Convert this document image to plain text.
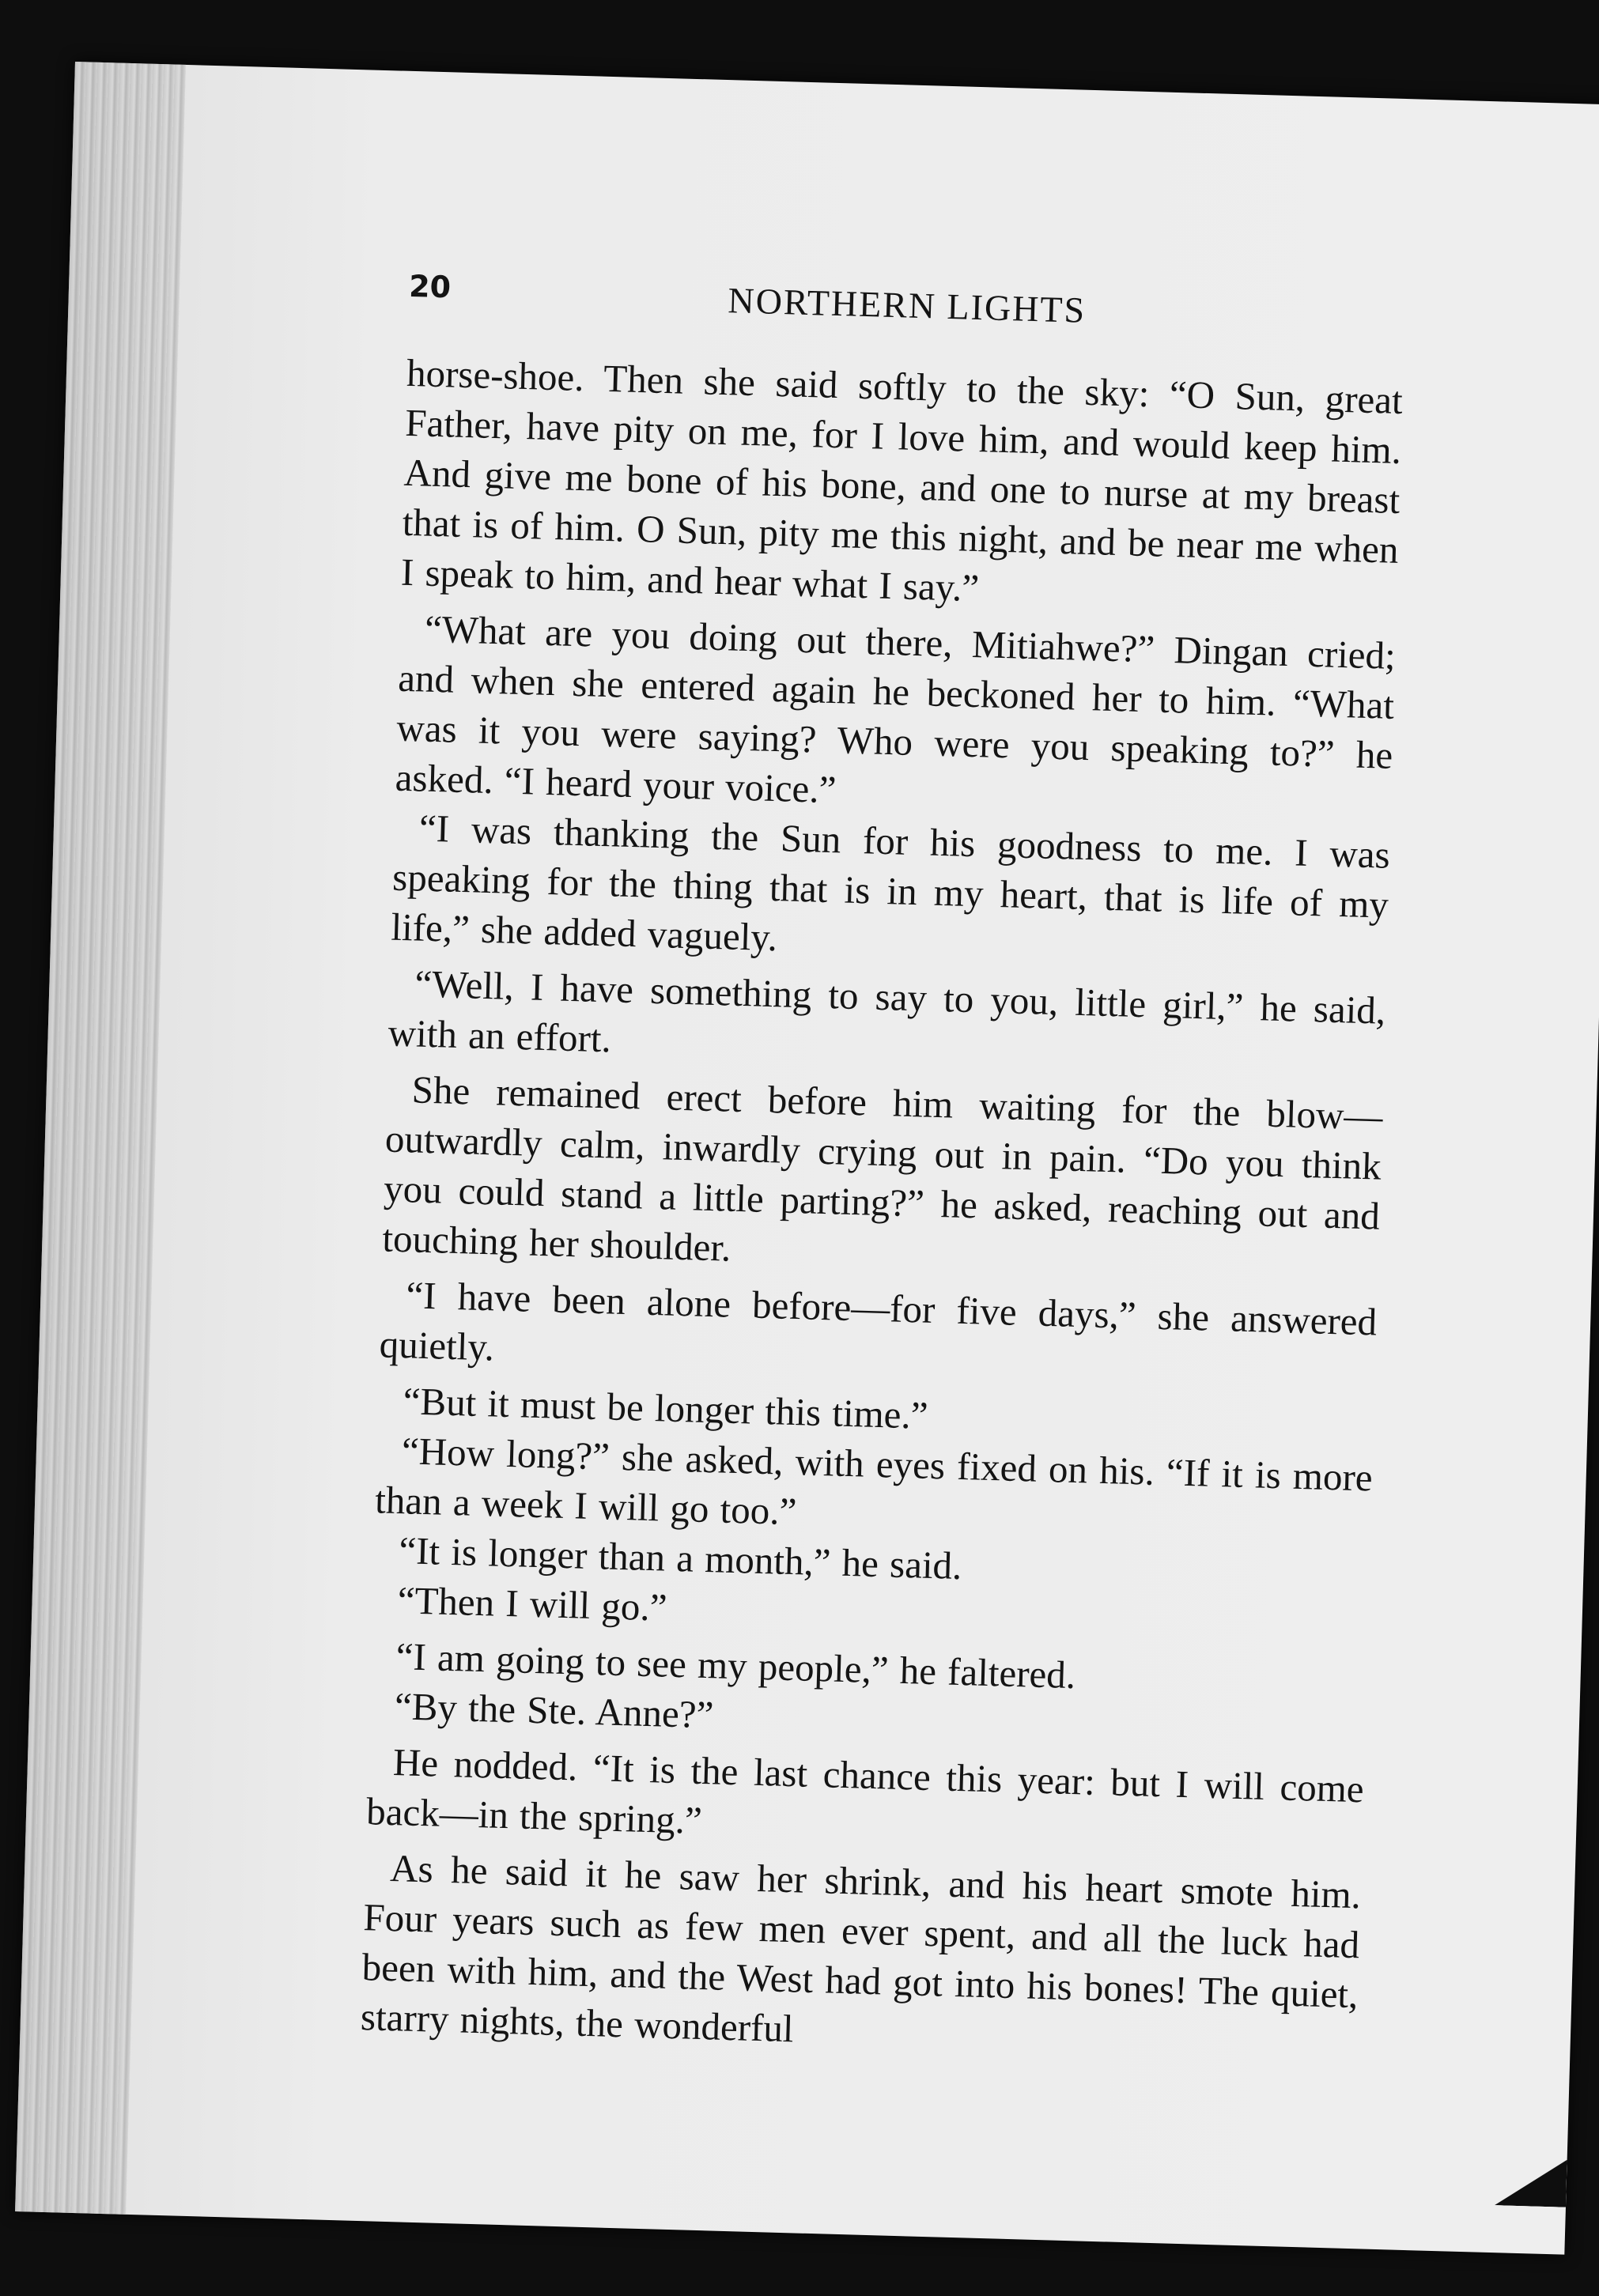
20	NORTHERN LIGHTS

horse-shoe. Then she said softly to the sky: “O Sun, great Father, have pity on me, for I love him, and would keep him. And give me bone of his bone, and one to nurse at my breast that is of him. O Sun, pity me this night, and be near me when I speak to him, and hear what I say.”

“What are you doing out there, Mitiahwe?” Dingan cried; and when she entered again he beckoned her to him. “What was it you were saying? Who were you speaking to?” he asked. “I heard your voice.”

“I was thanking the Sun for his goodness to me. I was speaking for the thing that is in my heart, that is life of my life,” she added vaguely.

“Well, I have something to say to you, little girl,” he said, with an effort.

She remained erect before him waiting for the blow—outwardly calm, inwardly crying out in pain. “Do you think you could stand a little parting?” he asked, reaching out and touching her shoulder.

“I have been alone before—for five days,” she answered quietly.

“But it must be longer this time.”

“How long?” she asked, with eyes fixed on his. “If it is more than a week I will go too.”

“It is longer than a month,” he said.

“Then I will go.”

“I am going to see my people,” he faltered.

“By the Ste. Anne?”

He nodded. “It is the last chance this year: but I will come back—in the spring.”

As he said it he saw her shrink, and his heart smote him. Four years such as few men ever spent, and all the luck had been with him, and the West had got into his bones! The quiet, starry nights, the wonderful
